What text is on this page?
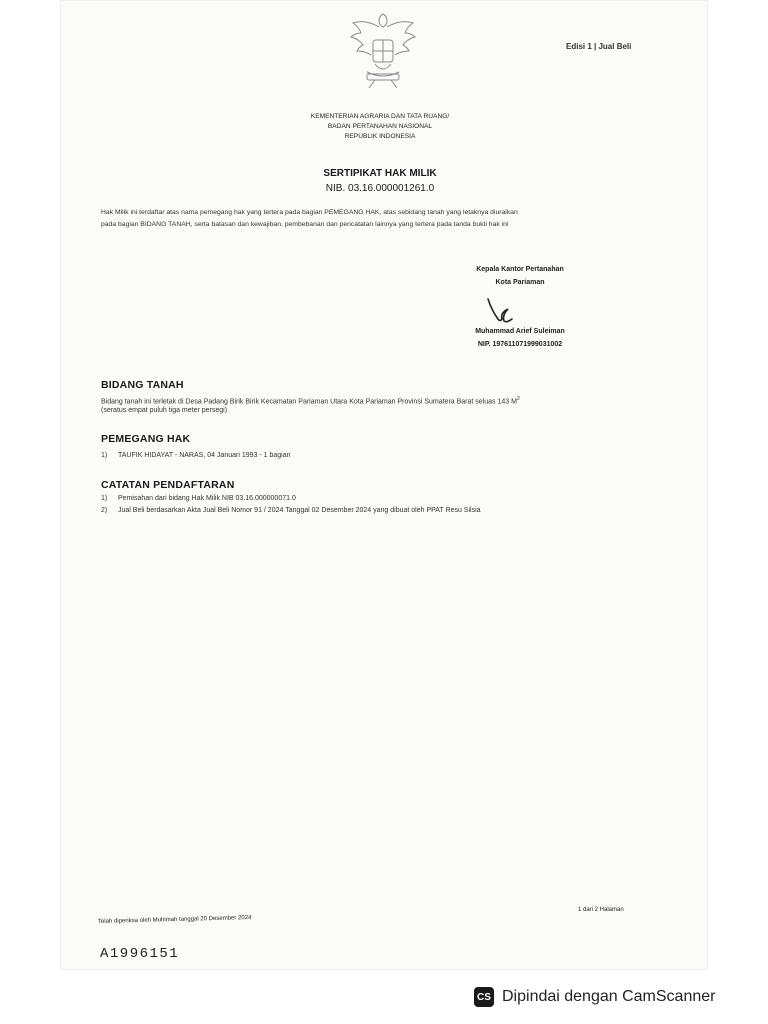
Edisi 1 | Jual Beli
KEMENTERIAN AGRARIA DAN TATA RUANG/
BADAN PERTANAHAN NASIONAL
REPUBLIK INDONESIA
SERTIPIKAT HAK MILIK
NIB. 03.16.000001261.0
Hak Milik ini terdaftar atas nama pemegang hak yang tertera pada bagian PEMEGANG HAK, atas sebidang tanah yang letaknya diuraikan
pada bagian BIDANG TANAH, serta batasan dan kewajiban, pembebanan dan pencatatan lainnya yang tertera pada tanda bukti hak ini
Kepala Kantor Pertanahan
Kota Pariaman
Muhammad Arief Suleiman
NIP. 197611071999031002
BIDANG TANAH
Bidang tanah ini terletak di Desa Padang Birik Birik Kecamatan Pariaman Utara Kota Pariaman Provinsi Sumatera Barat seluas 143 $M^2$
(seratus empat puluh tiga meter persegi)
PEMEGANG HAK
1)	TAUFIK HIDAYAT - NARAS, 04 Januari 1993 - 1 bagian
CATATAN PENDAFTARAN
1)	Pemisahan dari bidang Hak Milik NIB 03.16.000000071.0
2)	Jual Beli berdasarkan Akta Jual Beli Nomor 91 / 2024 Tanggal 02 Desember 2024 yang dibuat oleh PPAT Resu Silsia
Telah diperiksa oleh Muhimah tanggal 20 Desember 2024
1 dari 2 Halaman
A1996151
CS Dipindai dengan CamScanner
